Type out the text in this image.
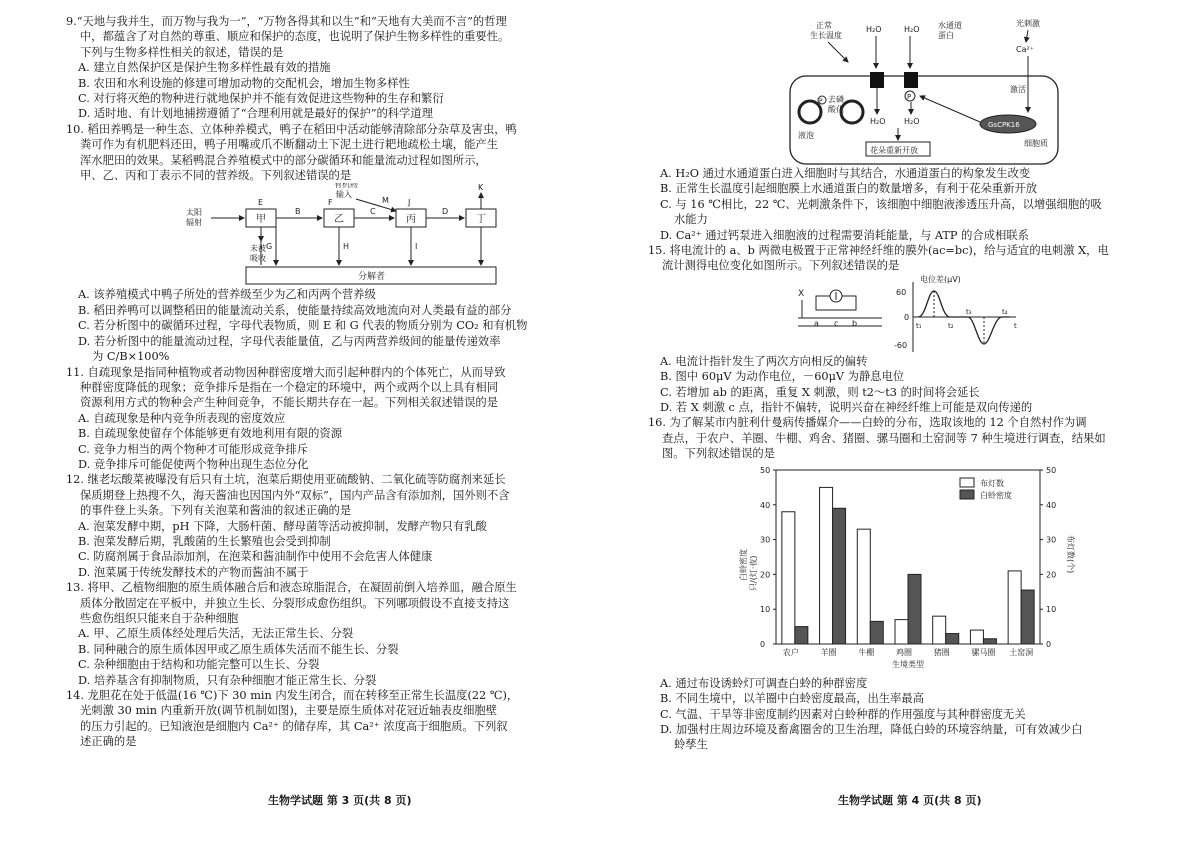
9.“天地与我并生，而万物与我为一”，“万物各得其和以生”和“天地有大美而不言”的哲理

中，都蕴含了对自然的尊重、顺应和保护的态度，也说明了保护生物多样性的重要性。

下列与生物多样性相关的叙述，错误的是

A. 建立自然保护区是保护生物多样性最有效的措施

B. 农田和水利设施的修建可增加动物的交配机会，增加生物多样性

C. 对行将灭绝的物种进行就地保护并不能有效促进这些物种的生存和繁衍

D. 适时地、有计划地捕捞遵循了“合理利用就是最好的保护”的科学道理

10. 稻田养鸭是一种生态、立体种养模式，鸭子在稻田中活动能够清除部分杂草及害虫，鸭

粪可作为有机肥料还田，鸭子用嘴或爪不断翻动土下泥土进行耙地疏松土壤，能产生

浑水肥田的效果。某稻鸭混合养殖模式中的部分碳循环和能量流动过程如图所示，

甲、乙、丙和丁表示不同的营养级。下列叙述错误的是

太阳
辐射	甲
E
未被
吸收
B
乙
F
有机物
输入
C
M
丙
J
D
丁
K
H	I
G
分解者

A. 该养殖模式中鸭子所处的营养级至少为乙和丙两个营养级

B. 稻田养鸭可以调整稻田的能量流动关系，使能量持续高效地流向对人类最有益的部分

C. 若分析图中的碳循环过程，字母代表物质，则 E 和 G 代表的物质分别为 CO₂ 和有机物

D. 若分析图中的能量流动过程，字母代表能量值，乙与丙两营养级间的能量传递效率

为 C/B×100%

11. 自疏现象是指同种植物或者动物因种群密度增大而引起种群内的个体死亡，从而导致

种群密度降低的现象；竞争排斥是指在一个稳定的环境中，两个或两个以上具有相同

资源利用方式的物种会产生种间竞争，不能长期共存在一起。下列相关叙述错误的是

A. 自疏现象是种内竞争所表现的密度效应

B. 自疏现象使留存个体能够更有效地利用有限的资源

C. 竞争力相当的两个物种才可能形成竞争排斥

D. 竞争排斥可能促使两个物种出现生态位分化

12. 继老坛酸菜被曝没有后只有土坑，泡菜后期使用亚硫酸钠、二氧化硫等防腐剂来延长

保质期登上热搜不久，海天酱油也因国内外“双标”，国内产品含有添加剂，国外则不含

的事件登上头条。下列有关泡菜和酱油的叙述正确的是

A. 泡菜发酵中期，pH 下降，大肠杆菌、酵母菌等活动被抑制，发酵产物只有乳酸

B. 泡菜发酵后期，乳酸菌的生长繁殖也会受到抑制

C. 防腐剂属于食品添加剂，在泡菜和酱油制作中使用不会危害人体健康

D. 泡菜属于传统发酵技术的产物而酱油不属于

13. 将甲、乙植物细胞的原生质体融合后和液态琼脂混合，在凝固前倒入培养皿，融合原生

质体分散固定在平板中，并独立生长、分裂形成愈伤组织。下列哪项假设不直接支持这

些愈伤组织只能来自于杂种细胞

A. 甲、乙原生质体经处理后失活，无法正常生长、分裂

B. 同种融合的原生质体因甲或乙原生质体失活而不能生长、分裂

C. 杂种细胞由于结构和功能完整可以生长、分裂

D. 培养基含有抑制物质，只有杂种细胞才能正常生长、分裂

14. 龙胆花在处于低温(16 ℃)下 30 min 内发生闭合，而在转移至正常生长温度(22 ℃)，

光刺激 30 min 内重新开放(调节机制如图)，主要是原生质体对花冠近轴表皮细胞壁

的压力引起的。已知液泡是细胞内 Ca²⁺ 的储存库，其 Ca²⁺ 浓度高于细胞质。下列叙

述正确的是

生物学试题 第 3 页(共 8 页)
正常
生长温度
H₂O	H₂O 水通道
蛋白
P
光刺激
Ca²⁺
激活
GsCPK16
细胞质
液泡
P 去磷
酸化
H₂O H₂O
花朵重新开放

A. H₂O 通过水通道蛋白进入细胞时与其结合，水通道蛋白的构象发生改变

B. 正常生长温度引起细胞膜上水通道蛋白的数量增多，有利于花朵重新开放

C. 与 16 ℃相比，22 ℃、光刺激条件下，该细胞中细胞液渗透压升高，以增强细胞的吸

水能力

D. Ca²⁺ 通过钙泵进入细胞液的过程需要消耗能量，与 ATP 的合成相联系

15. 将电流计的 a、b 两微电极置于正常神经纤维的膜外(ac=bc)，给与适宜的电刺激 X，电

流计测得电位变化如图所示。下列叙述错误的是

X
a c b
电位差(μV)
60
0
-60
t₁	t₂
t₃	t₄
t

A. 电流计指针发生了两次方向相反的偏转

B. 图中 60μV 为动作电位，－60μV 为静息电位

C. 若增加 ab 的距离，重复 X 刺激，则 t2～t3 的时间将会延长

D. 若 X 刺激 c 点，指针不偏转，说明兴奋在神经纤维上可能是双向传递的

16. 为了解某市内脏利什曼病传播媒介——白蛉的分布，选取该地的 12 个自然村作为调

查点，于农户、羊圈、牛棚、鸡舍、猪圈、骡马圈和土窑洞等 7 种生境进行调查，结果如

图。下列叙述错误的是

0	0
10	10
20	20
30	30
40	40
50	50
农户	羊圈	牛棚	鸡圈	猪圈	骡马圈 土窑洞
生境类型
白蛉密度 只/(灯·夜)
布灯数(个)
布灯数
白蛉密度

A. 通过布设诱蛉灯可调查白蛉的种群密度

B. 不同生境中，以羊圈中白蛉密度最高，出生率最高

C. 气温、干旱等非密度制约因素对白蛉种群的作用强度与其种群密度无关

D. 加强村庄周边环境及畜禽圈舍的卫生治理，降低白蛉的环境容纳量，可有效减少白

蛉孳生

生物学试题 第 4 页(共 8 页)
